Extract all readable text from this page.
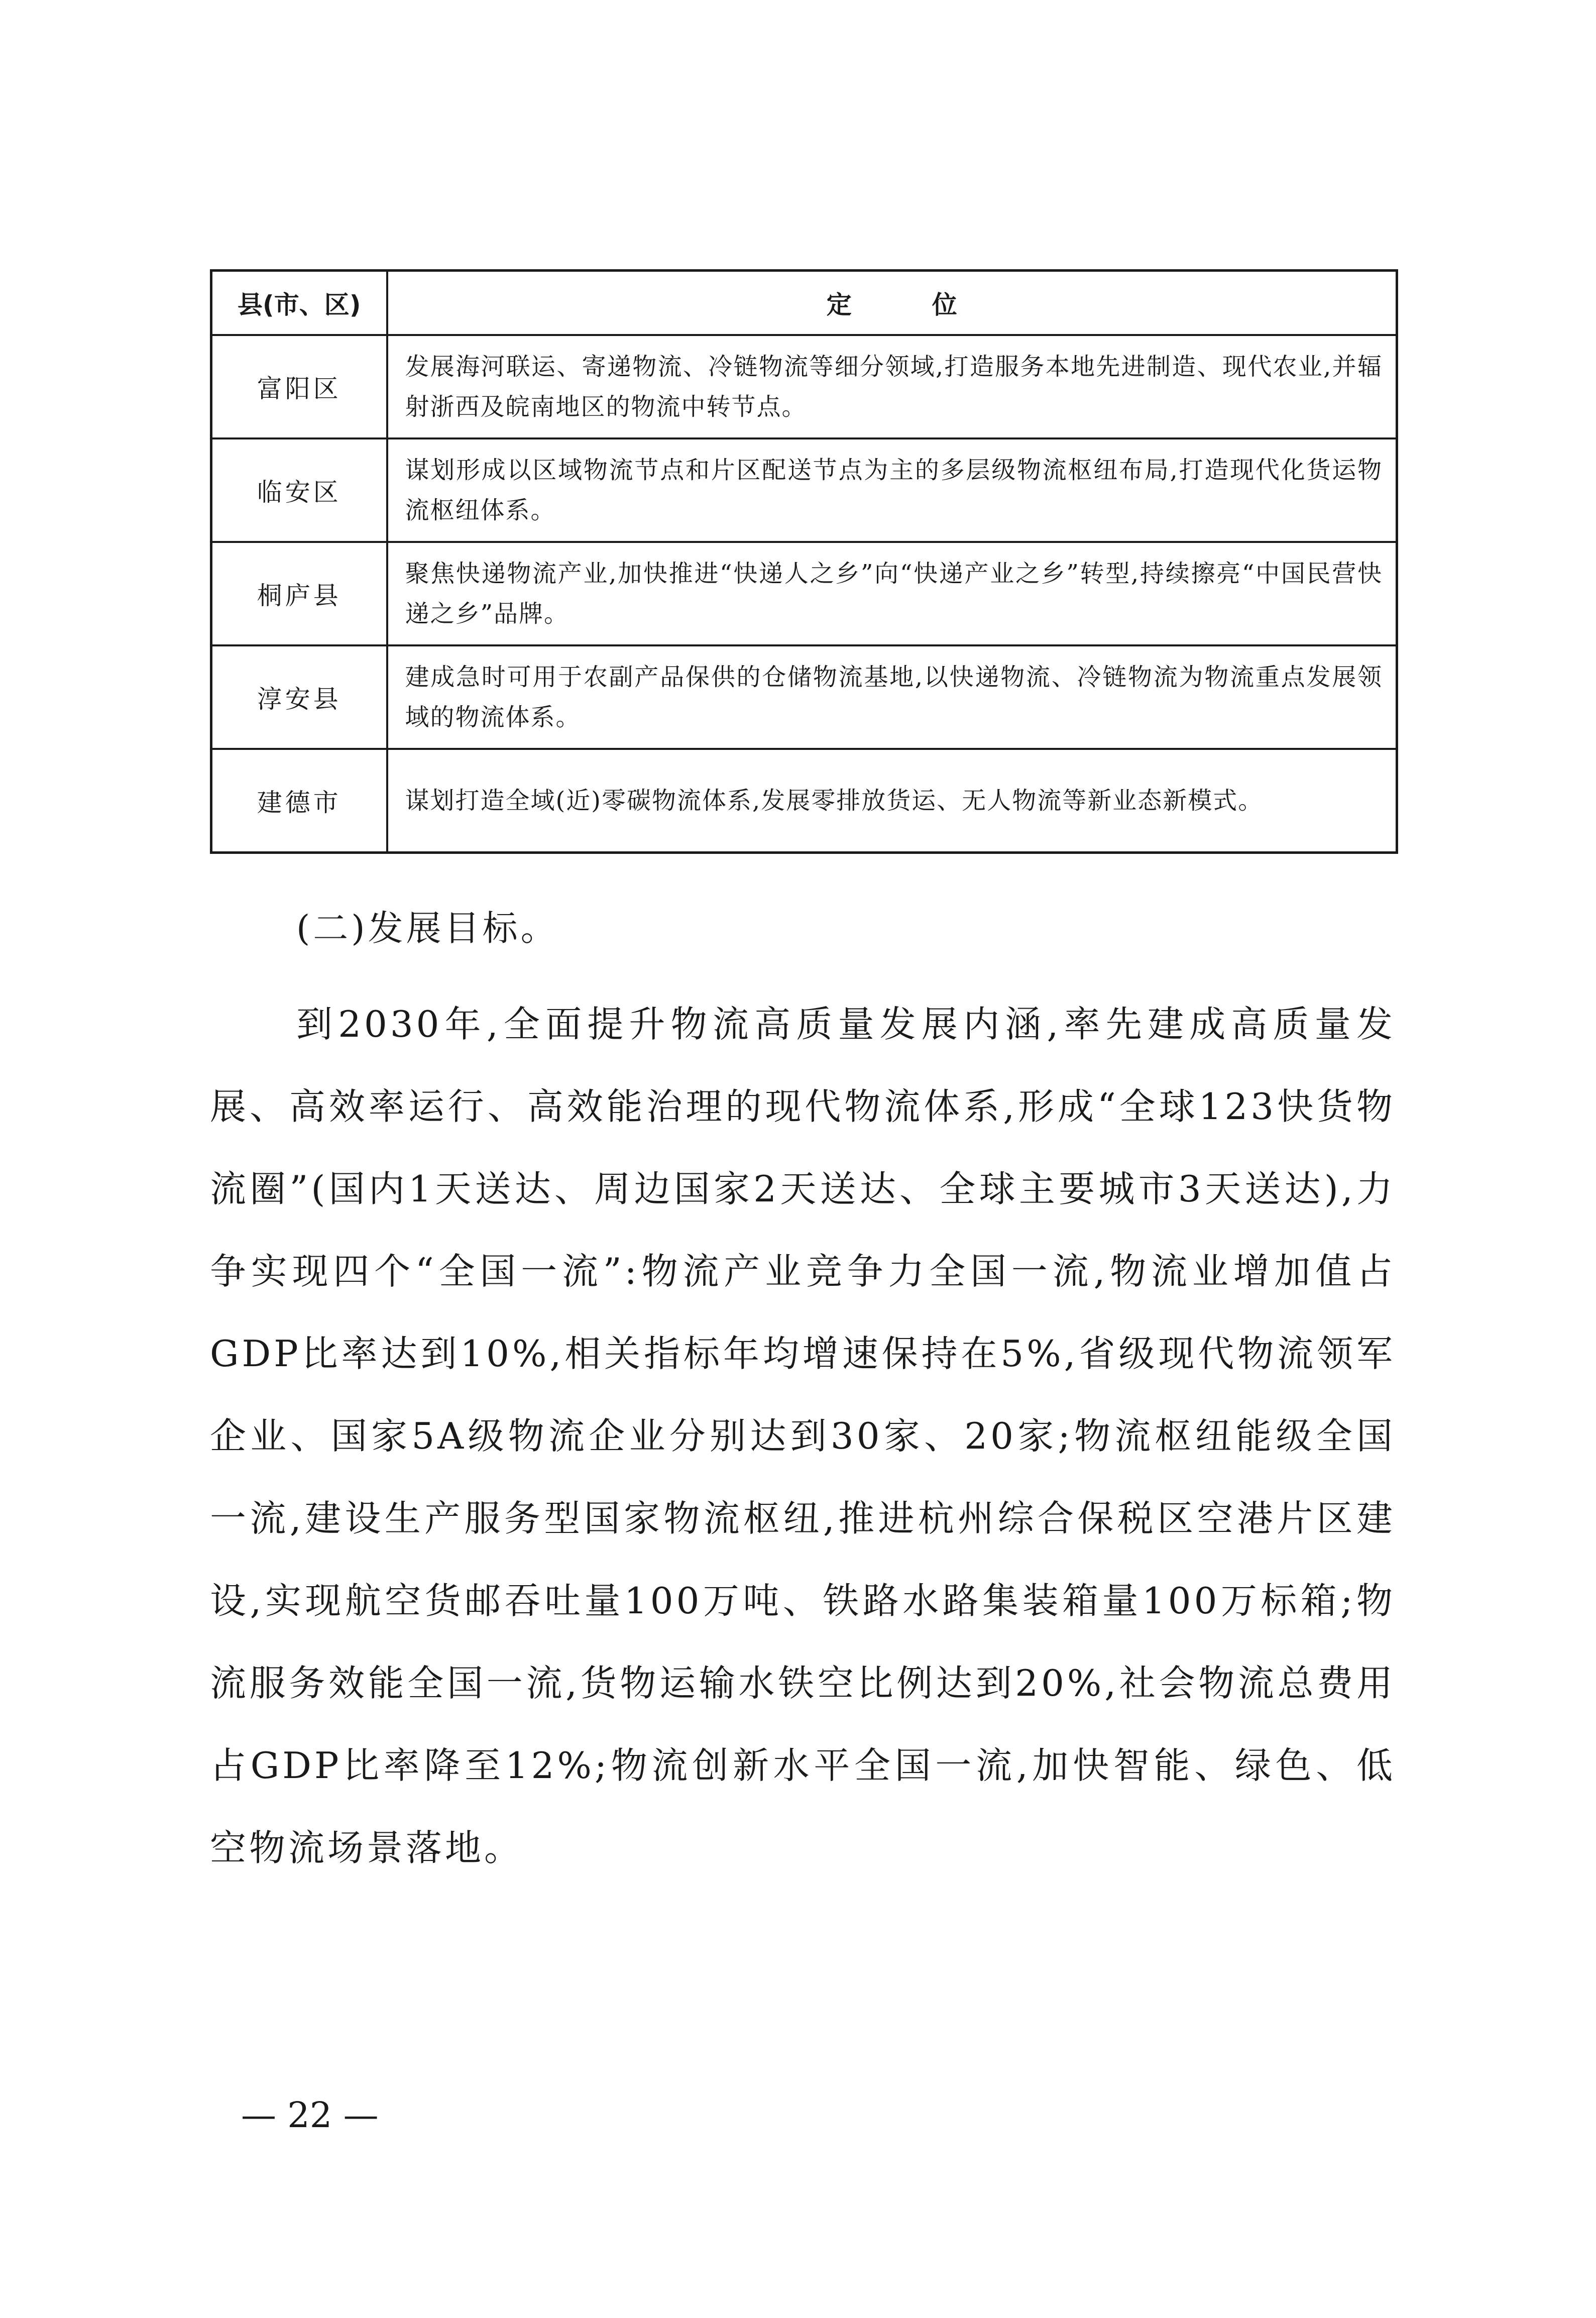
县(市、区)	定位
富阳区	发展海河联运、寄递物流、冷链物流等细分领域,打造服务本地先进制造、现代农业,并辐射浙西及皖南地区的物流中转节点。
临安区	谋划形成以区域物流节点和片区配送节点为主的多层级物流枢纽布局,打造现代化货运物流枢纽体系。
桐庐县	聚焦快递物流产业,加快推进“快递人之乡”向“快递产业之乡”转型,持续擦亮“中国民营快递之乡”品牌。
淳安县	建成急时可用于农副产品保供的仓储物流基地,以快递物流、冷链物流为物流重点发展领域的物流体系。
建德市	谋划打造全域(近)零碳物流体系,发展零排放货运、无人物流等新业态新模式。
(二)发展目标。

到2030年,全面提升物流高质量发展内涵,率先建成高质量发展、高效率运行、高效能治理的现代物流体系,形成“全球123快货物流圈”(国内1天送达、周边国家2天送达、全球主要城市3天送达),力争实现四个“全国一流”:物流产业竞争力全国一流,物流业增加值占GDP比率达到10%,相关指标年均增速保持在5%,省级现代物流领军企业、国家5A级物流企业分别达到30家、20家;物流枢纽能级全国一流,建设生产服务型国家物流枢纽,推进杭州综合保税区空港片区建设,实现航空货邮吞吐量100万吨、铁路水路集装箱量100万标箱;物流服务效能全国一流,货物运输水铁空比例达到20%,社会物流总费用占GDP比率降至12%;物流创新水平全国一流,加快智能、绿色、低空物流场景落地。

— 22 —
